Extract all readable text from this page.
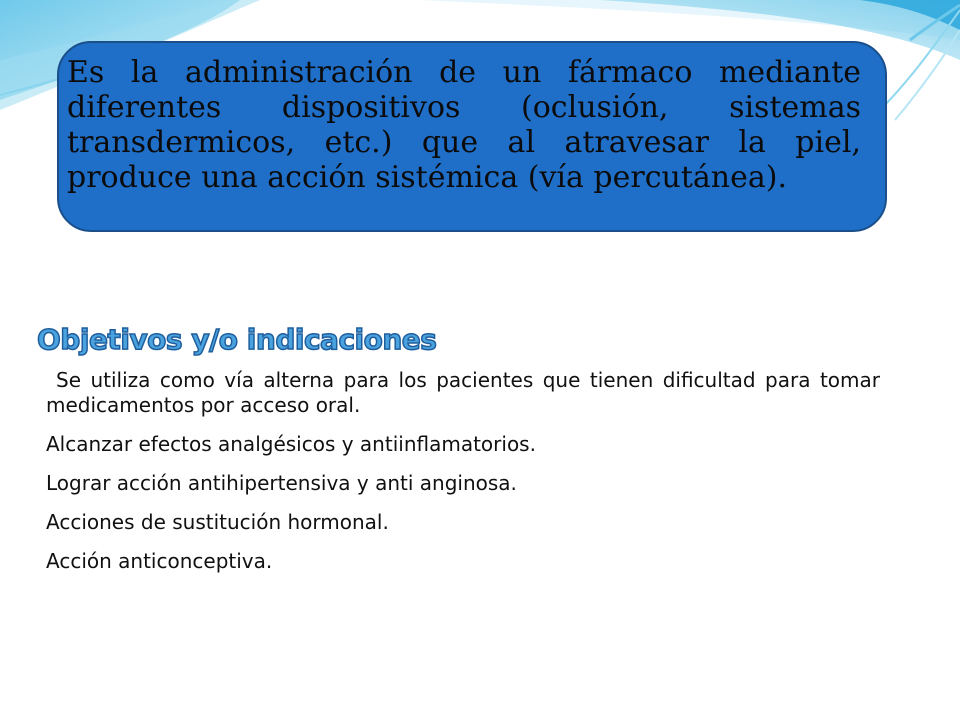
Es la administración de un fármaco mediante diferentes dispositivos (oclusión, sistemas transdermicos, etc.) que al atravesar la piel, produce una acción sistémica (vía percutánea).

Objetivos y/o indicaciones
Se utiliza como vía alterna para los pacientes que tienen dificultad para tomar medicamentos por acceso oral.
Alcanzar efectos analgésicos y antiinflamatorios.
Lograr acción antihipertensiva y anti anginosa.
Acciones de sustitución hormonal.
Acción anticonceptiva.
